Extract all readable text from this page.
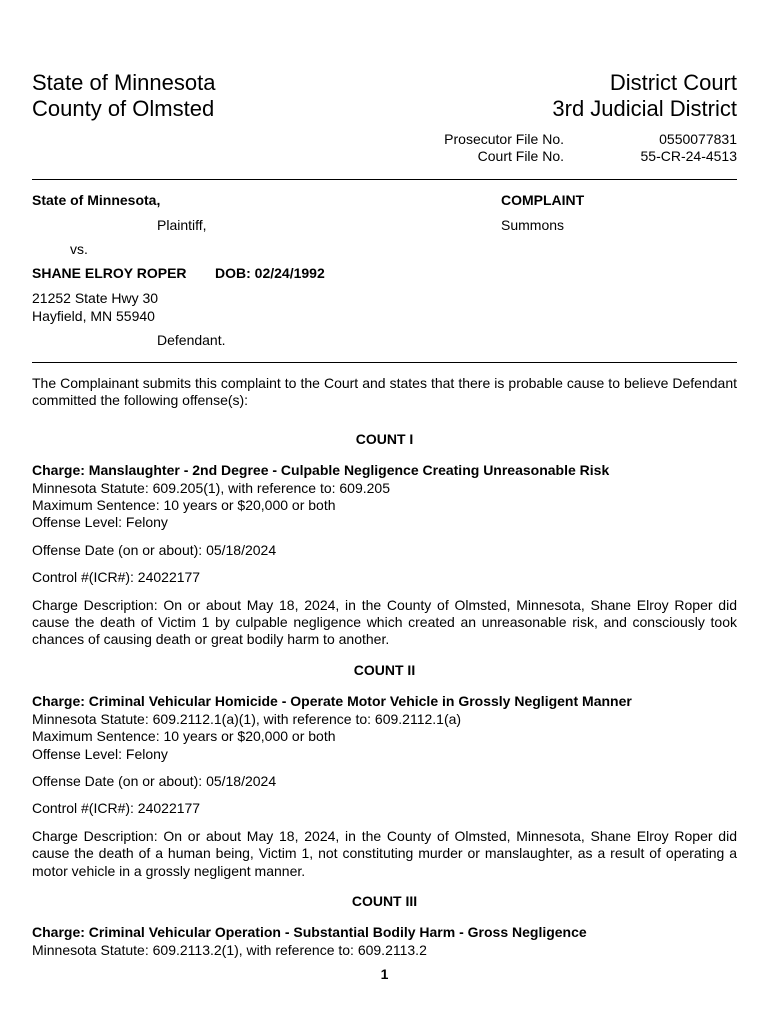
State of Minnesota
County of Olmsted
District Court
3rd Judicial District
Prosecutor File No.
Court File No.
0550077831
55-CR-24-4513
State of Minnesota,
Plaintiff,
vs.
SHANE ELROY ROPER DOB: 02/24/1992
21252 State Hwy 30
Hayfield, MN 55940
Defendant.
COMPLAINT
Summons

The Complainant submits this complaint to the Court and states that there is probable cause to believe Defendant committed the following offense(s):

COUNT I

Charge: Manslaughter - 2nd Degree - Culpable Negligence Creating Unreasonable Risk

Minnesota Statute: 609.205(1), with reference to: 609.205

Maximum Sentence: 10 years or $20,000 or both

Offense Level: Felony

Offense Date (on or about): 05/18/2024

Control #(ICR#): 24022177

Charge Description: On or about May 18, 2024, in the County of Olmsted, Minnesota, Shane Elroy Roper did cause the death of Victim 1 by culpable negligence which created an unreasonable risk, and consciously took chances of causing death or great bodily harm to another.

COUNT II

Charge: Criminal Vehicular Homicide - Operate Motor Vehicle in Grossly Negligent Manner

Minnesota Statute: 609.2112.1(a)(1), with reference to: 609.2112.1(a)

Maximum Sentence: 10 years or $20,000 or both

Offense Level: Felony

Offense Date (on or about): 05/18/2024

Control #(ICR#): 24022177

Charge Description: On or about May 18, 2024, in the County of Olmsted, Minnesota, Shane Elroy Roper did cause the death of a human being, Victim 1, not constituting murder or manslaughter, as a result of operating a motor vehicle in a grossly negligent manner.

COUNT III

Charge: Criminal Vehicular Operation - Substantial Bodily Harm - Gross Negligence

Minnesota Statute: 609.2113.2(1), with reference to: 609.2113.2

1
